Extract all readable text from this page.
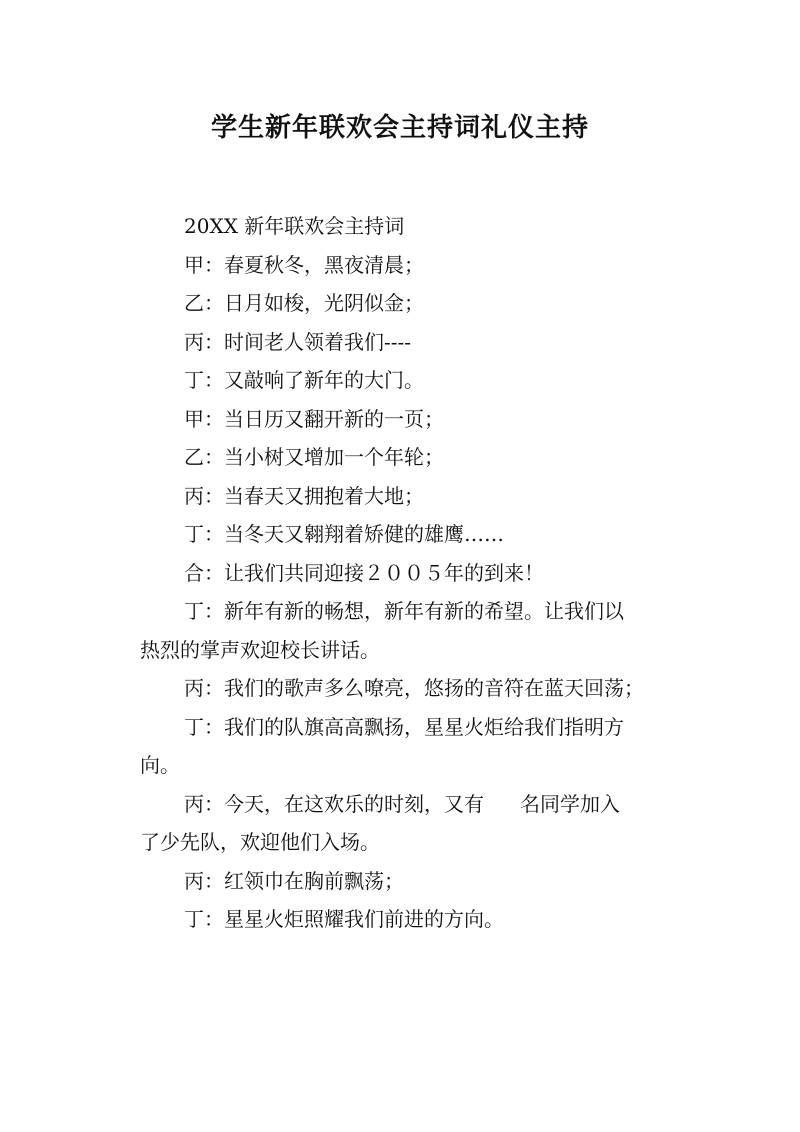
学生新年联欢会主持词礼仪主持

20XX 新年联欢会主持词

甲：春夏秋冬，黑夜清晨；

乙：日月如梭，光阴似金；

丙：时间老人领着我们----

丁：又敲响了新年的大门。

甲：当日历又翻开新的一页；

乙：当小树又增加一个年轮；

丙：当春天又拥抱着大地；

丁：当冬天又翱翔着矫健的雄鹰……

合：让我们共同迎接２００５年的到来！

丁：新年有新的畅想，新年有新的希望。让我们以
热烈的掌声欢迎校长讲话。

丙：我们的歌声多么嘹亮，悠扬的音符在蓝天回荡；

丁：我们的队旗高高飘扬，星星火炬给我们指明方
向。

丙：今天，在这欢乐的时刻，又有 名同学加入
了少先队，欢迎他们入场。

丙：红领巾在胸前飘荡；

丁：星星火炬照耀我们前进的方向。
